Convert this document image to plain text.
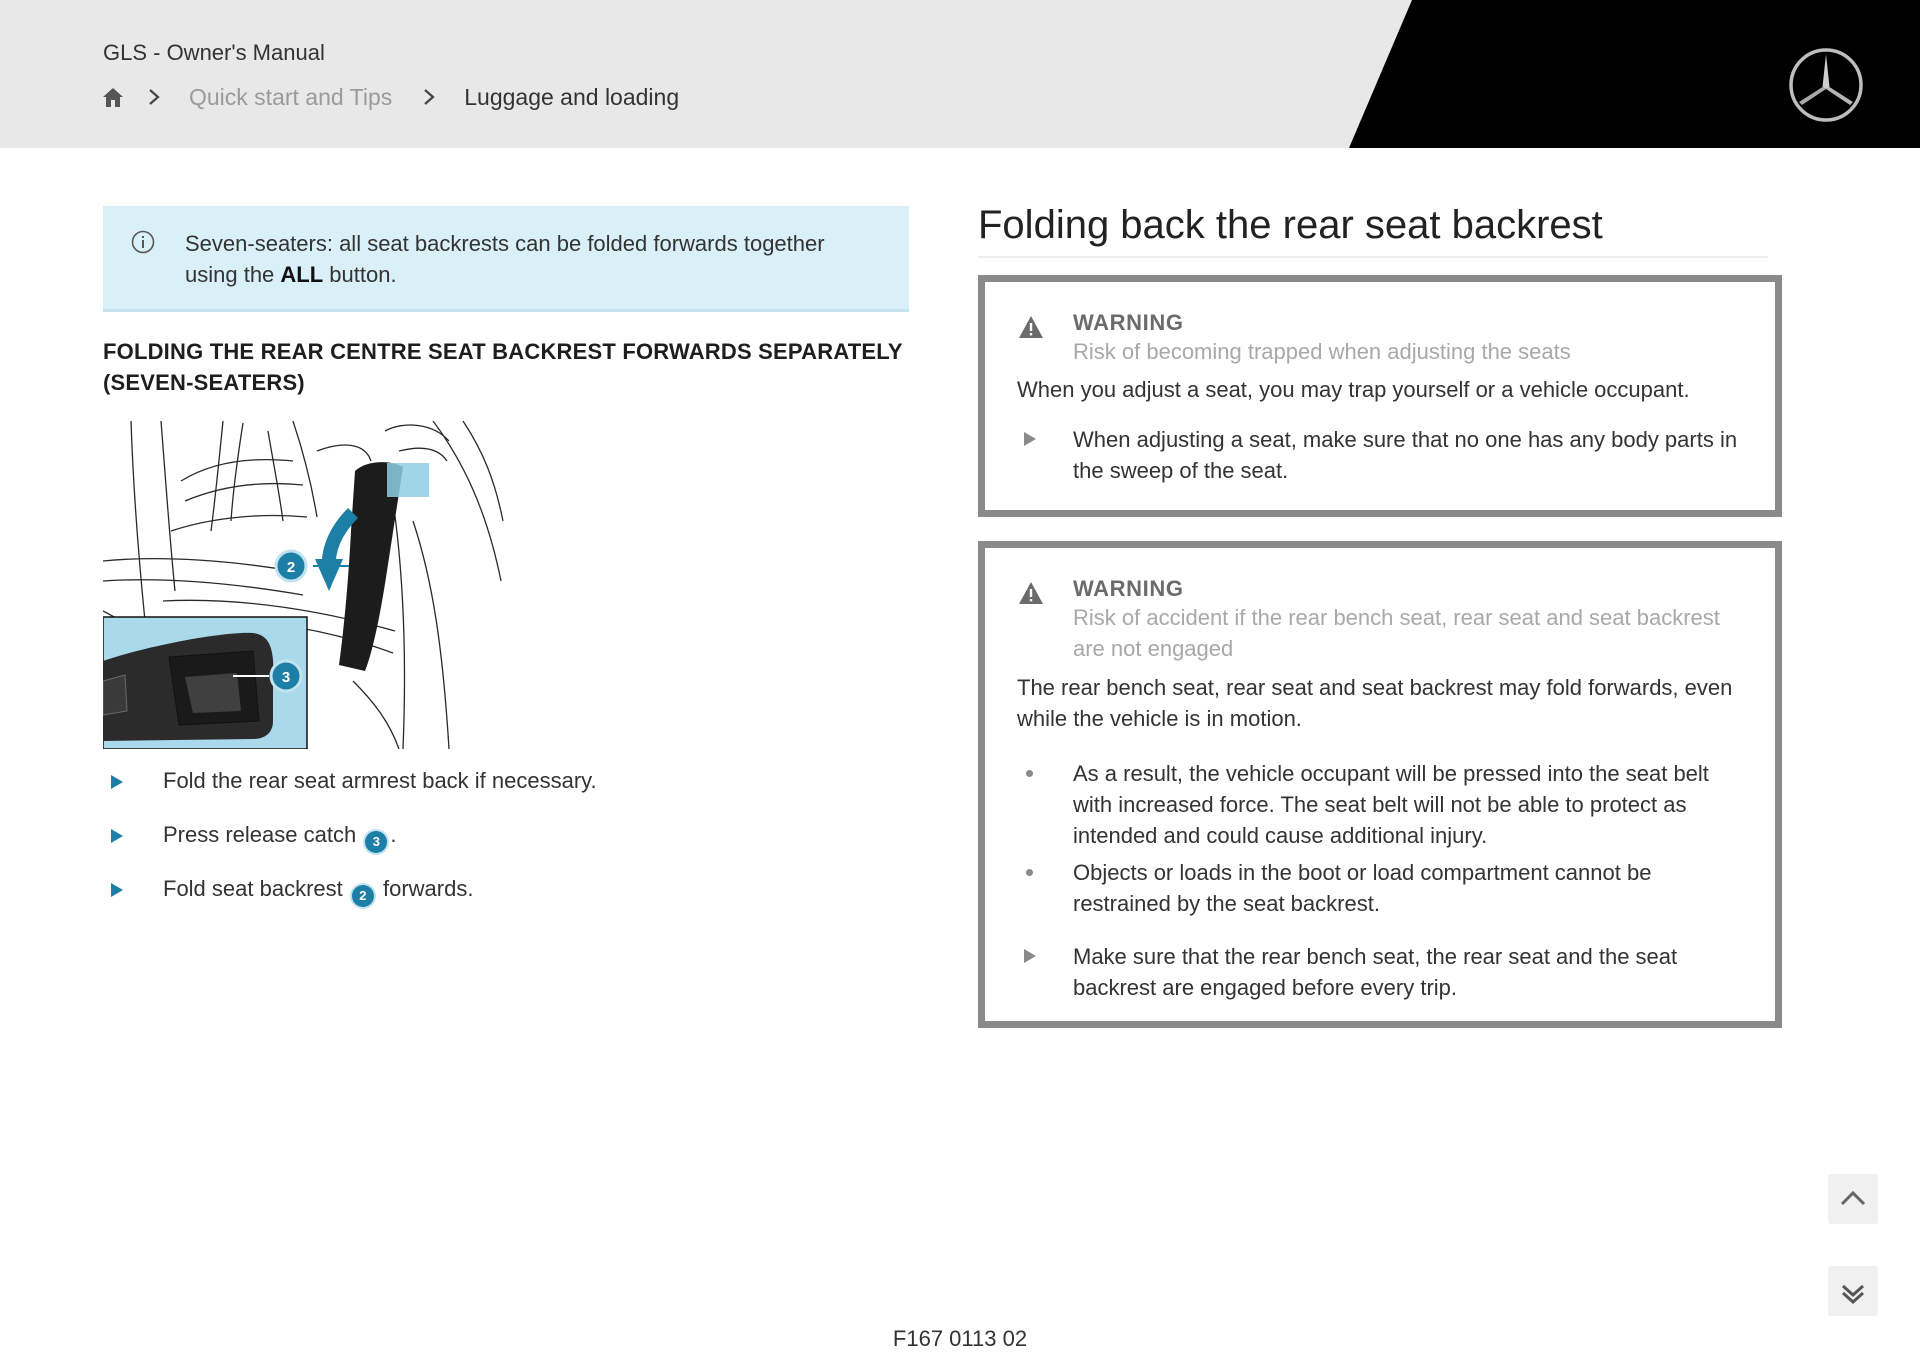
GLS - Owner's Manual
Quick start and Tips	Luggage and loading
Seven-seaters: all seat backrests can be folded forwards together using the ALL button.
FOLDING THE REAR CENTRE SEAT BACKREST FORWARDS SEPARATELY (SEVEN-SEATERS)
2
3
Fold the rear seat armrest back if necessary.
Press release catch 3 .
Fold seat backrest 2 forwards.
Folding back the rear seat backrest
WARNING
Risk of becoming trapped when adjusting the seats
When you adjust a seat, you may trap yourself or a vehicle occupant.
When adjusting a seat, make sure that no one has any body parts in the sweep of the seat.
WARNING
Risk of accident if the rear bench seat, rear seat and seat backrest are not engaged
The rear bench seat, rear seat and seat backrest may fold forwards, even while the vehicle is in motion.
As a result, the vehicle occupant will be pressed into the seat belt with increased force. The seat belt will not be able to protect as intended and could cause additional injury.
Objects or loads in the boot or load compartment cannot be restrained by the seat backrest.
Make sure that the rear bench seat, the rear seat and the seat backrest are engaged before every trip.
F167 0113 02
